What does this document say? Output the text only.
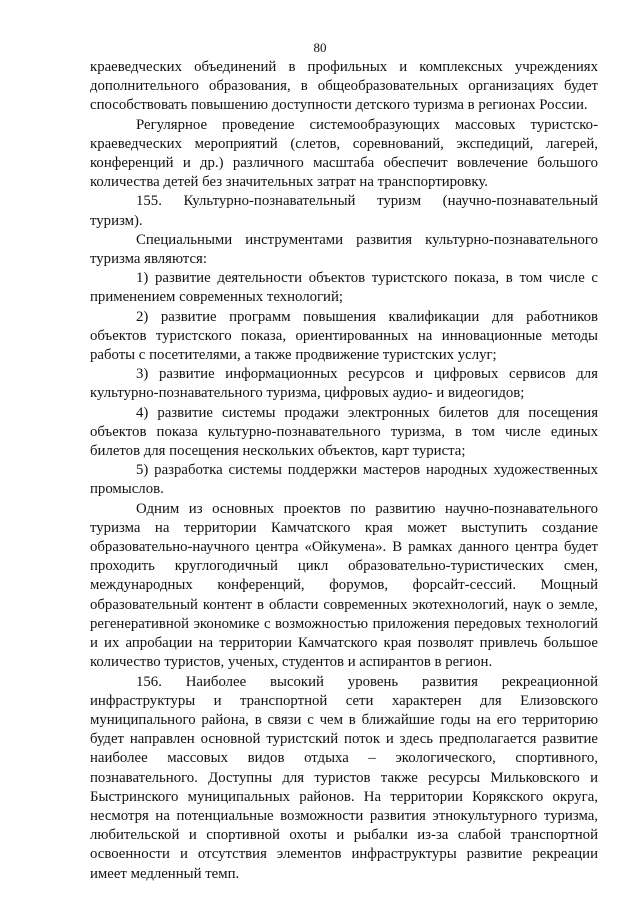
80

краеведческих объединений в профильных и комплексных учреждениях дополнительного образования, в общеобразовательных организациях будет способствовать повышению доступности детского туризма в регионах России.

Регулярное проведение системообразующих массовых туристско-краеведческих мероприятий (слетов, соревнований, экспедиций, лагерей, конференций и др.) различного масштаба обеспечит вовлечение большого количества детей без значительных затрат на транспортировку.

155. Культурно-познавательный туризм (научно-познавательный туризм).

Специальными инструментами развития культурно-познавательного туризма являются:

1) развитие деятельности объектов туристского показа, в том числе с применением современных технологий;

2) развитие программ повышения квалификации для работников объектов туристского показа, ориентированных на инновационные методы работы с посетителями, а также продвижение туристских услуг;

3) развитие информационных ресурсов и цифровых сервисов для культурно-познавательного туризма, цифровых аудио- и видеогидов;

4) развитие системы продажи электронных билетов для посещения объектов показа культурно-познавательного туризма, в том числе единых билетов для посещения нескольких объектов, карт туриста;

5) разработка системы поддержки мастеров народных художественных промыслов.

Одним из основных проектов по развитию научно-познавательного туризма на территории Камчатского края может выступить создание образовательно-научного центра «Ойкумена». В рамках данного центра будет проходить круглогодичный цикл образовательно-туристических смен, международных конференций, форумов, форсайт-сессий. Мощный образовательный контент в области современных экотехнологий, наук о земле, регенеративной экономике с возможностью приложения передовых технологий и их апробации на территории Камчатского края позволят привлечь большое количество туристов, ученых, студентов и аспирантов в регион.

156. Наиболее высокий уровень развития рекреационной инфраструктуры и транспортной сети характерен для Елизовского муниципального района, в связи с чем в ближайшие годы на его территорию будет направлен основной туристский поток и здесь предполагается развитие наиболее массовых видов отдыха – экологического, спортивного, познавательного. Доступны для туристов также ресурсы Мильковского и Быстринского муниципальных районов. На территории Корякского округа, несмотря на потенциальные возможности развития этнокультурного туризма, любительской и спортивной охоты и рыбалки из-за слабой транспортной освоенности и отсутствия элементов инфраструктуры развитие рекреации имеет медленный темп.
